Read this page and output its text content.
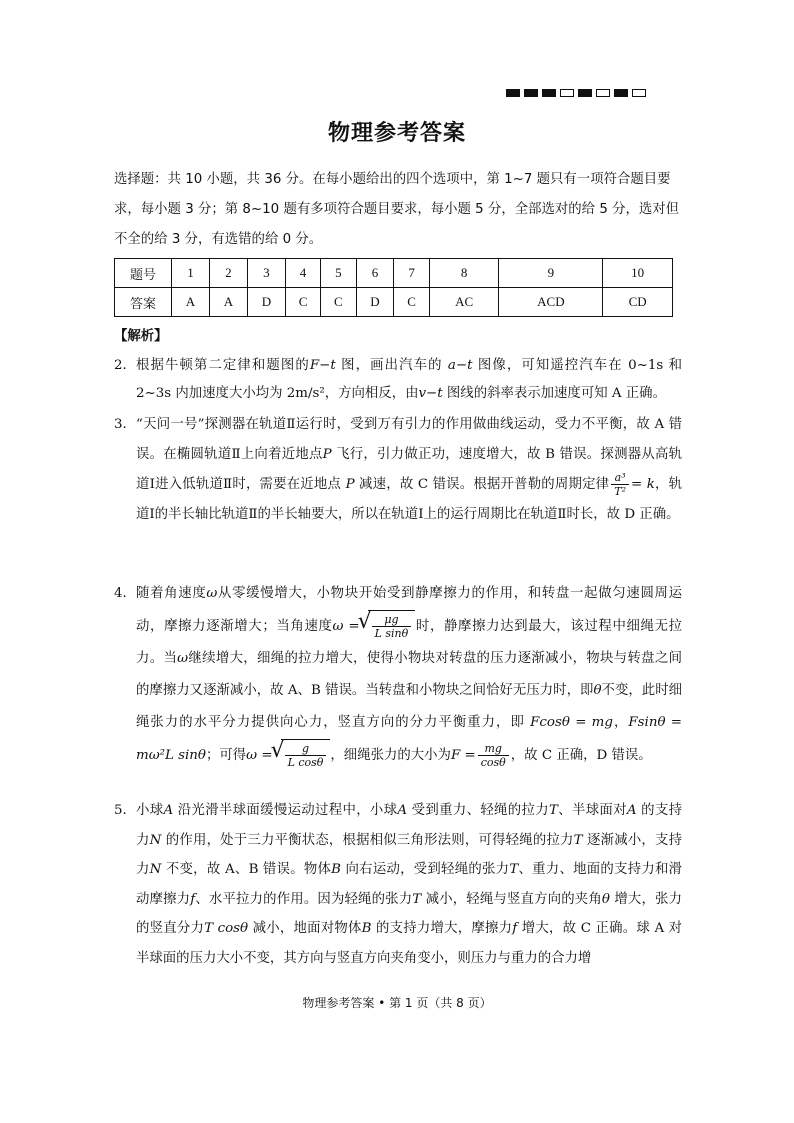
物理参考答案
选择题：共 10 小题，共 36 分。在每小题给出的四个选项中，第 1~7 题只有一项符合题目要求，每小题 3 分；第 8~10 题有多项符合题目要求，每小题 5 分，全部选对的给 5 分，选对但不全的给 3 分，有选错的给 0 分。
题号	1	2	3	4	5	6	7	8	9	10
答案	A	A	D	C	C	D	C	AC	ACD	CD
【解析】
2． 根据牛顿第二定律和题图的F−t 图，画出汽车的 a−t 图像，可知遥控汽车在 0~1s 和 2~3s 内加速度大小均为 2m/s²，方向相反，由v−t 图线的斜率表示加速度可知 A 正确。
3． “天问一号”探测器在轨道Ⅱ运行时，受到万有引力的作用做曲线运动，受力不平衡，故 A 错误。在椭圆轨道Ⅱ上向着近地点P 飞行，引力做正功，速度增大，故 B 错误。探测器从高轨道Ⅰ进入低轨道Ⅱ时，需要在近地点 P 减速，故 C 错误。根据开普勒的周期定律 $\frac{\text{a³}}{\text{T²}} = k$，轨道Ⅰ的半长轴比轨道Ⅱ的半长轴要大，所以在轨道Ⅰ上的运行周期比在轨道Ⅱ时长，故 D 正确。
4． 随着角速度ω从零缓慢增大，小物块开始受到静摩擦力的作用，和转盘一起做匀速圆周运动，摩擦力逐渐增大；当角速度ω = √ $\frac{\mu g}{\text{L sinθ}}$ 时，静摩擦力达到最大，该过程中细绳无拉力。当ω继续增大，细绳的拉力增大，使得小物块对转盘的压力逐渐减小，物块与转盘之间的摩擦力又逐渐减小，故 A、B 错误。当转盘和小物块之间恰好无压力时，即θ不变，此时细绳张力的水平分力提供向心力，竖直方向的分力平衡重力，即 Fcosθ = mg，Fsinθ = mω²L sinθ；可得ω = √ $\frac{g}{\text{L cosθ}}$ ，细绳张力的大小为$F = \frac{mg}{\cos\theta}$ ，故 C 正确，D 错误。
5． 小球A 沿光滑半球面缓慢运动过程中，小球A 受到重力、轻绳的拉力T、半球面对A 的支持力N 的作用，处于三力平衡状态，根据相似三角形法则，可得轻绳的拉力T 逐渐减小，支持力N 不变，故 A、B 错误。物体B 向右运动，受到轻绳的张力T、重力、地面的支持力和滑动摩擦力f、水平拉力的作用。因为轻绳的张力T 减小，轻绳与竖直方向的夹角θ 增大，张力的竖直分力T cosθ 减小，地面对物体B 的支持力增大，摩擦力f 增大，故 C 正确。球 A 对半球面的压力大小不变，其方向与竖直方向夹角变小，则压力与重力的合力增
物理参考答案 • 第 1 页（共 8 页）
